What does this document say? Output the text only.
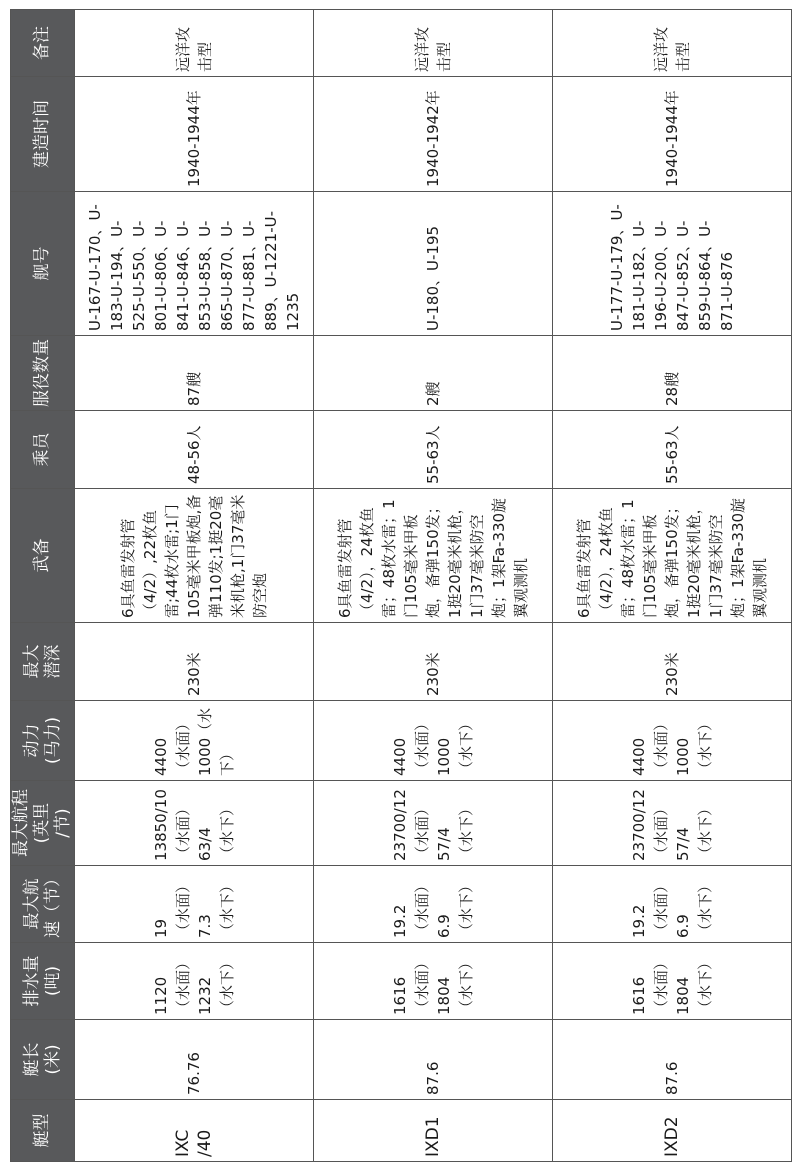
艇型	艇长 (米)	排水量 (吨)	最大航 速（节）	最大航程 (英里 /节)	动力 (马力)	最大 潜深	武备	乘员	服役数量	舰号	建造时间	备注

IXC /40	76.76	1120 （水面） 1232 （水下）	19 （水面） 7.3 （水下）	13850/10 （水面） 63/4 （水下）	4400 （水面） 1000（水 下）	230米	6具鱼雷发射管（4/2）,22枚鱼雷;44枚水雷;1门105毫米甲板炮,备弹110发;1挺20毫米机枪,1门37毫米防空炮	48-56人	87艘	U-167-U-170、U-183-U-194、U-525-U-550、U-801-U-806、U-841-U-846、U-853-U-858、U-865-U-870、U-877-U-881、U-889、U-1221-U-1235	1940-1944年	远洋攻击型

IXD1	87.6	1616 （水面） 1804 （水下）	19.2 （水面） 6.9 （水下）	23700/12 （水面） 57/4 （水下）	4400 （水面） 1000 （水下）	230米	6具鱼雷发射管（4/2），24枚鱼雷；48枚水雷；1门105毫米甲板炮，备弹150发；1挺20毫米机枪，1门37毫米防空炮；1架Fa-330旋翼观测机	55-63人	2艘	U-180、U-195	1940-1942年	远洋攻击型

IXD2	87.6	1616 （水面） 1804 （水下）	19.2 （水面） 6.9 （水下）	23700/12 （水面） 57/4 （水下）	4400 （水面） 1000 （水下）	230米	6具鱼雷发射管（4/2），24枚鱼雷；48枚水雷；1门105毫米甲板炮，备弹150发；1挺20毫米机枪，1门37毫米防空炮；1架Fa-330旋翼观测机	55-63人	28艘	U-177-U-179、U-181-U-182、U-196-U-200、U-847-U-852、U-859-U-864、U-871-U-876	1940-1944年	远洋攻击型
